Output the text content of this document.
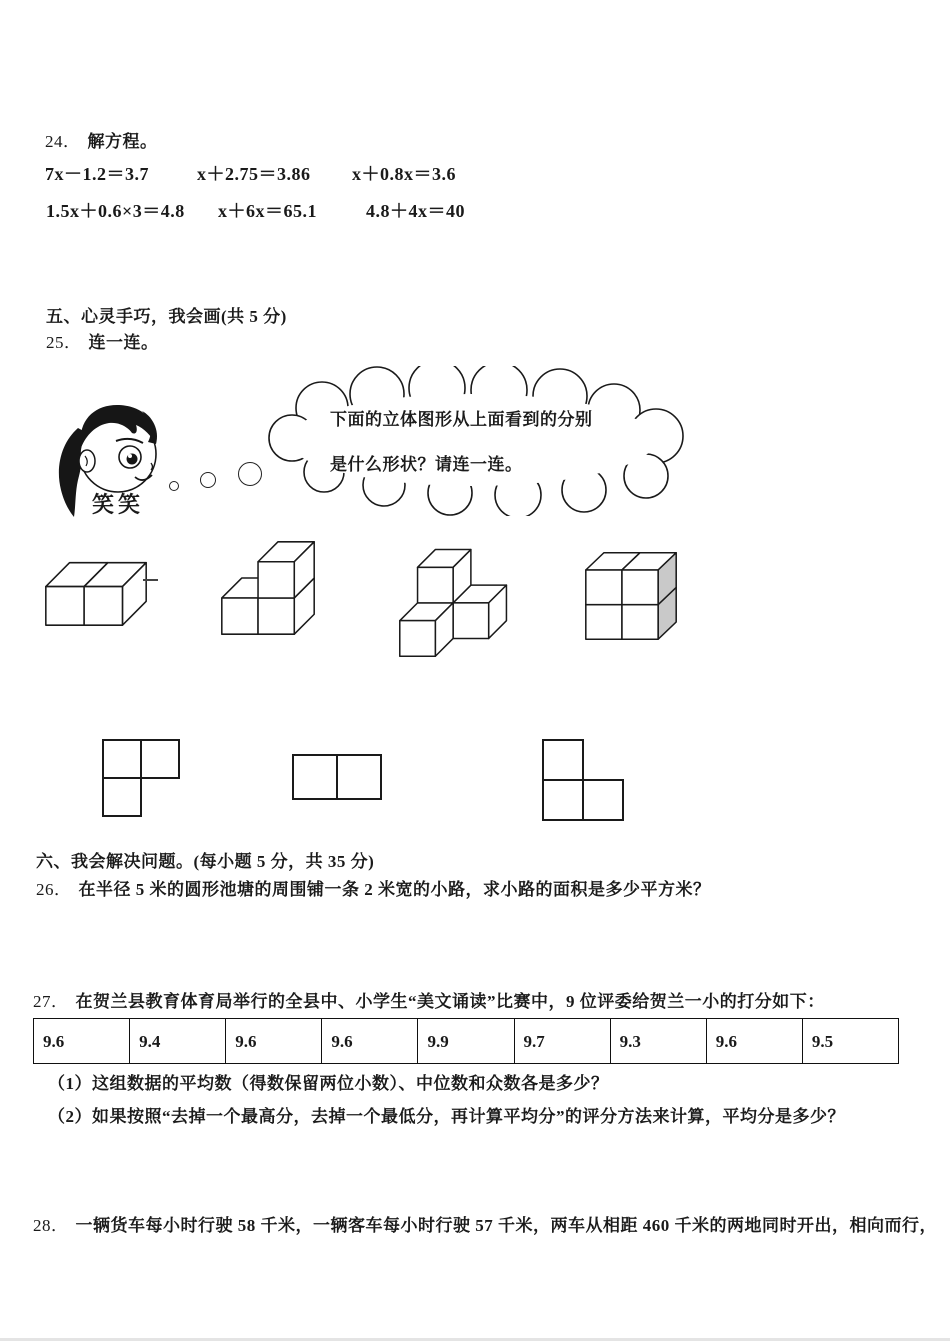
24． 解方程。
7x－1.2＝3.7	x＋2.75＝3.86 x＋0.8x＝3.6
1.5x＋0.6×3＝4.8 x＋6x＝65.1	4.8＋4x＝40
五、心灵手巧，我会画(共 5 分)
25． 连一连。
笑笑
下面的立体图形从上面看到的分别
是什么形状？请连一连。
六、我会解决问题。(每小题 5 分，共 35 分)
26． 在半径 5 米的圆形池塘的周围铺一条 2 米宽的小路，求小路的面积是多少平方米？
27． 在贺兰县教育体育局举行的全县中、小学生“美文诵读”比赛中，9 位评委给贺兰一小的打分如下：
9.6	9.4	9.6	9.6	9.9	9.7	9.3	9.6	9.5
（1）这组数据的平均数（得数保留两位小数）、中位数和众数各是多少？
（2）如果按照“去掉一个最高分，去掉一个最低分，再计算平均分”的评分方法来计算，平均分是多少？
28． 一辆货车每小时行驶 58 千米，一辆客车每小时行驶 57 千米，两车从相距 460 千米的两地同时开出，相向而行，
